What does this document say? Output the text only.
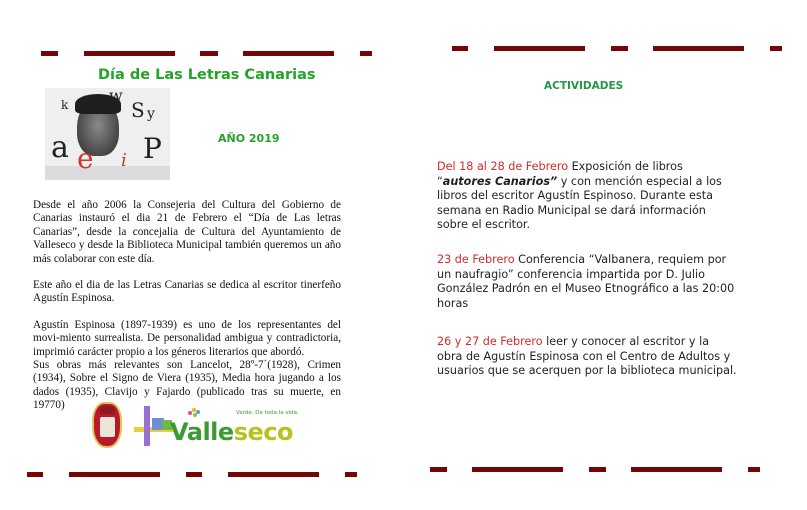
Día de Las Letras Canarias
k	w
S y
a e i P	AÑO 2019

Desde el año 2006 la Consejeria del Cultura del Gobierno de Canarias instauró el dia 21 de Febrero el “Día de Las letras Canarias”, desde la concejalia de Cultura del Ayuntamiento de Valleseco y desde la Biblioteca Municipal también queremos un año más colaborar con este día.

Este año el dia de las Letras Canarias se dedica al escritor tinerfeño Agustín Espinosa.

Agustín Espinosa (1897-1939) es uno de los representantes del movi-miento surrealista. De personalidad ambigua y contradictoria, imprimió carácter propio a los géneros literarios que abordó.

Sus obras más relevantes son Lancelot, 28º-7´(1928), Crimen (1934), Sobre el Signo de Viera (1935), Media hora jugando a los dados (1935), Clavijo y Fajardo (publicado tras su muerte, en 19770)

Verde. De toda la vida.
Valleseco
ACTIVIDADES
Del 18 al 28 de Febrero Exposición de libros “autores Canarios” y con mención especial a los libros del escritor Agustín Espinoso. Durante esta semana en Radio Municipal se dará información sobre el escritor.
23 de Febrero Conferencia “Valbanera, requiem por un naufragio” conferencia impartida por D. Julio González Padrón en el Museo Etnográfico a las 20:00 horas
26 y 27 de Febrero leer y conocer al escritor y la obra de Agustín Espinosa con el Centro de Adultos y usuarios que se acerquen por la biblioteca municipal.
